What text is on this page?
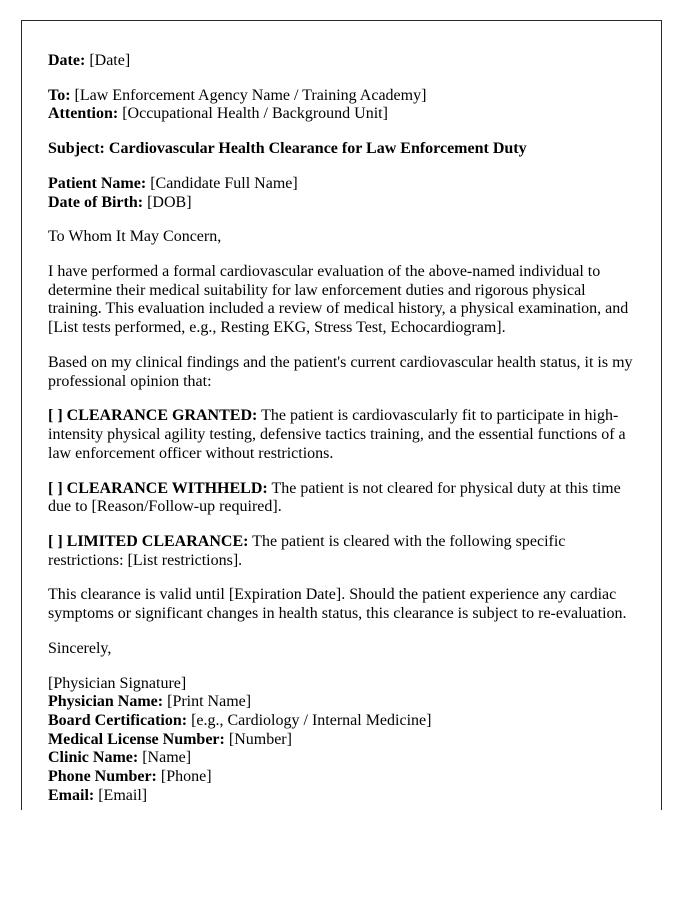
Date: [Date]

To: [Law Enforcement Agency Name / Training Academy]
Attention: [Occupational Health / Background Unit]

Subject: Cardiovascular Health Clearance for Law Enforcement Duty

Patient Name: [Candidate Full Name]
Date of Birth: [DOB]

To Whom It May Concern,

I have performed a formal cardiovascular evaluation of the above-named individual to determine their medical suitability for law enforcement duties and rigorous physical training. This evaluation included a review of medical history, a physical examination, and [List tests performed, e.g., Resting EKG, Stress Test, Echocardiogram].

Based on my clinical findings and the patient's current cardiovascular health status, it is my professional opinion that:

[ ] CLEARANCE GRANTED: The patient is cardiovascularly fit to participate in high-intensity physical agility testing, defensive tactics training, and the essential functions of a law enforcement officer without restrictions.

[ ] CLEARANCE WITHHELD: The patient is not cleared for physical duty at this time due to [Reason/Follow-up required].

[ ] LIMITED CLEARANCE: The patient is cleared with the following specific restrictions: [List restrictions].

This clearance is valid until [Expiration Date]. Should the patient experience any cardiac symptoms or significant changes in health status, this clearance is subject to re-evaluation.

Sincerely,

[Physician Signature]
Physician Name: [Print Name]
Board Certification: [e.g., Cardiology / Internal Medicine]
Medical License Number: [Number]
Clinic Name: [Name]
Phone Number: [Phone]
Email: [Email]
